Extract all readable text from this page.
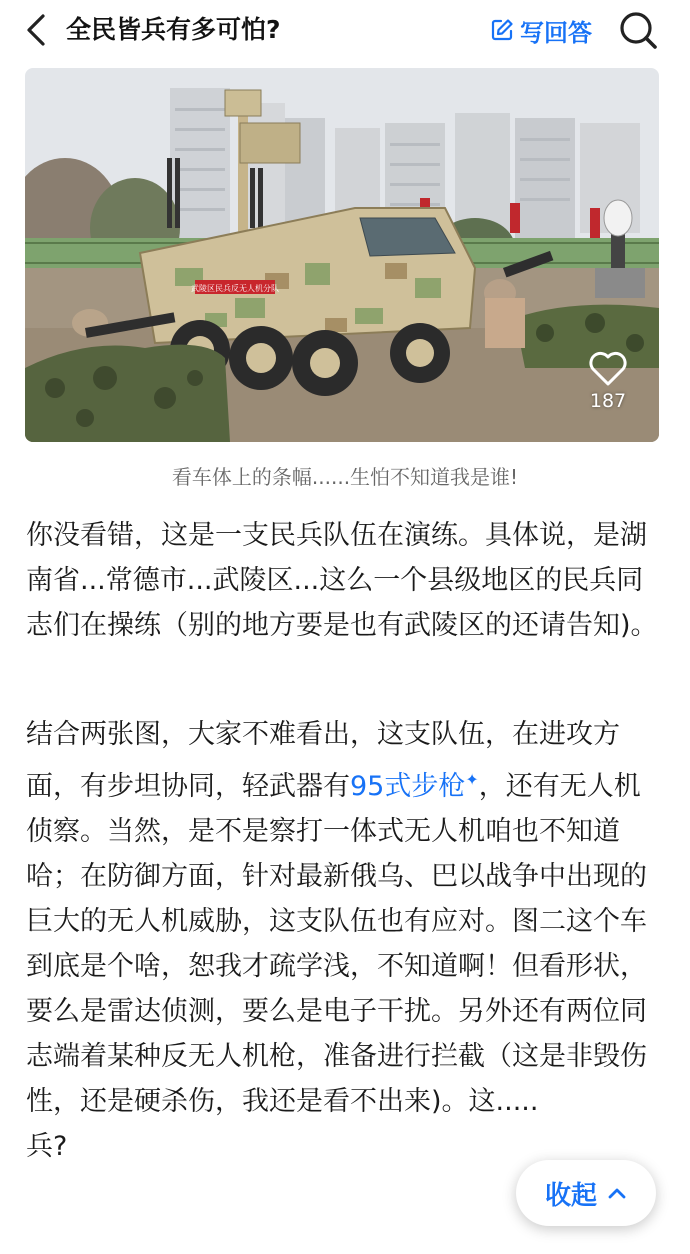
全民皆兵有多可怕?	写回答
武陵区民兵反无人机分队
187
看车体上的条幅......生怕不知道我是谁!
你没看错，这是一支民兵队伍在演练。具体说，是湖南省...常德市...武陵区...这么一个县级地区的民兵同志们在操练（别的地方要是也有武陵区的还请告知)。
结合两张图，大家不难看出，这支队伍，在进攻方面，有步坦协同，轻武器有95式步枪✦，还有无人机侦察。当然，是不是察打一体式无人机咱也不知道哈；在防御方面，针对最新俄乌、巴以战争中出现的巨大的无人机威胁，这支队伍也有应对。图二这个车到底是个啥，恕我才疏学浅，不知道啊！但看形状，要么是雷达侦测，要么是电子干扰。另外还有两位同志端着某种反无人机枪，准备进行拦截（这是非毁伤性，还是硬杀伤，我还是看不出来)。这.....
兵?
收起
